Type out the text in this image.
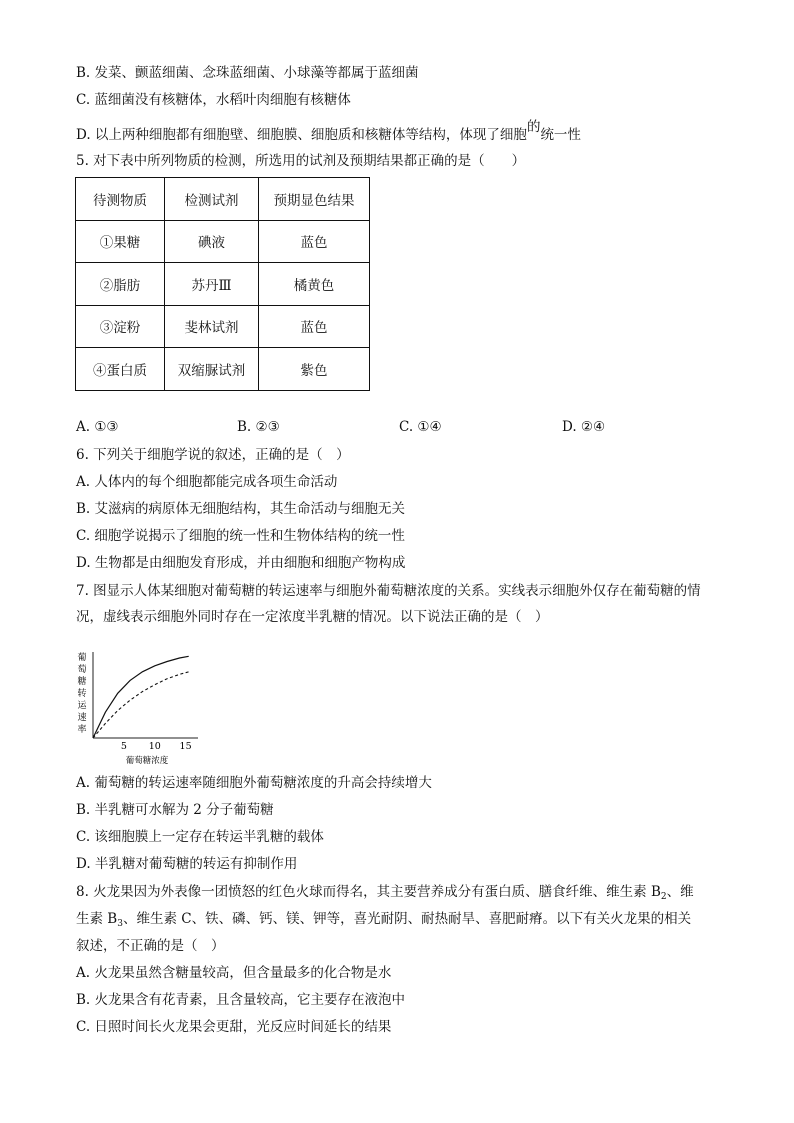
B. 发菜、颤蓝细菌、念珠蓝细菌、小球藻等都属于蓝细菌
C. 蓝细菌没有核糖体，水稻叶肉细胞有核糖体
D. 以上两种细胞都有细胞壁、细胞膜、细胞质和核糖体等结构，体现了细胞的统一性
5. 对下表中所列物质的检测，所选用的试剂及预期结果都正确的是（　　）
待测物质	检测试剂	预期显色结果
①果糖	碘液	蓝色
②脂肪	苏丹Ⅲ	橘黄色
③淀粉	斐林试剂	蓝色
④蛋白质	双缩脲试剂	紫色
A. ①③	B. ②③	C. ①④	D. ②④
6. 下列关于细胞学说的叙述，正确的是（　）
A. 人体内的每个细胞都能完成各项生命活动
B. 艾滋病的病原体无细胞结构，其生命活动与细胞无关
C. 细胞学说揭示了细胞的统一性和生物体结构的统一性
D. 生物都是由细胞发育形成，并由细胞和细胞产物构成
7. 图显示人体某细胞对葡萄糖的转运速率与细胞外葡萄糖浓度的关系。实线表示细胞外仅存在葡萄糖的情
况，虚线表示细胞外同时存在一定浓度半乳糖的情况。以下说法正确的是（　）
葡
萄
糖
转
运
速
率
5 10 15
葡萄糖浓度
A. 葡萄糖的转运速率随细胞外葡萄糖浓度的升高会持续增大
B. 半乳糖可水解为 2 分子葡萄糖
C. 该细胞膜上一定存在转运半乳糖的载体
D. 半乳糖对葡萄糖的转运有抑制作用
8. 火龙果因为外表像一团愤怒的红色火球而得名，其主要营养成分有蛋白质、膳食纤维、维生素 $B_2$、维
生素 $B_3$、维生素 C、铁、磷、钙、镁、钾等，喜光耐阴、耐热耐旱、喜肥耐瘠。以下有关火龙果的相关
叙述，不正确的是（　）
A. 火龙果虽然含糖量较高，但含量最多的化合物是水
B. 火龙果含有花青素，且含量较高，它主要存在液泡中
C. 日照时间长火龙果会更甜，光反应时间延长的结果
